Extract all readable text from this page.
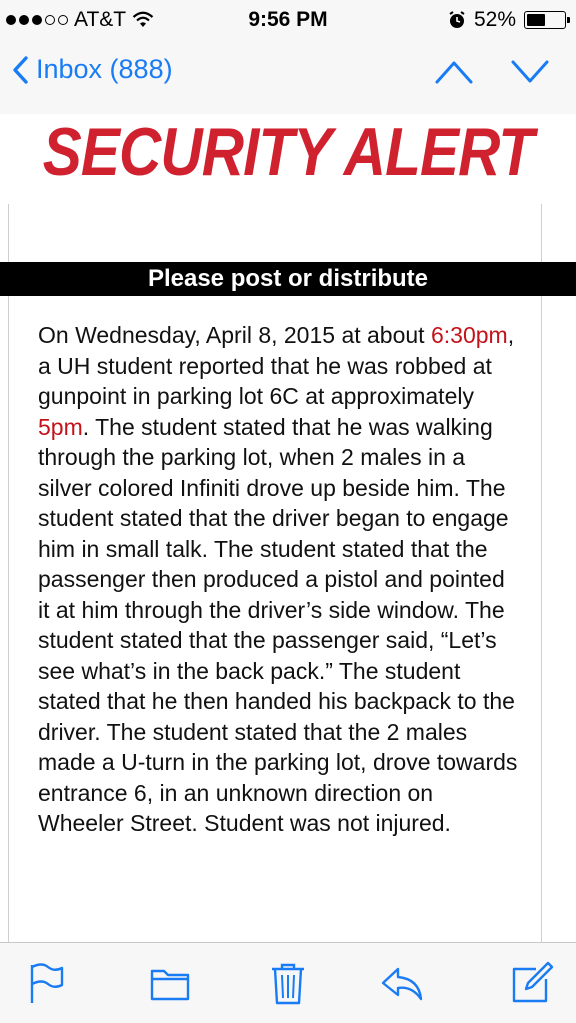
AT&T	9:56 PM	52%
Inbox (888)
SECURITY ALERT
Please post or distribute
On Wednesday, April 8, 2015 at about 6:30pm, a UH student reported that he was robbed at gunpoint in parking lot 6C at approximately 5pm. The student stated that he was walking through the parking lot, when 2 males in a silver colored Infiniti drove up beside him. The student stated that the driver began to engage him in small talk. The student stated that the passenger then produced a pistol and pointed it at him through the driver’s side window. The student stated that the passenger said, “Let’s see what’s in the back pack.” The student stated that he then handed his backpack to the driver. The student stated that the 2 males made a U-turn in the parking lot, drove towards entrance 6, in an unknown direction on Wheeler Street. Student was not injured.
